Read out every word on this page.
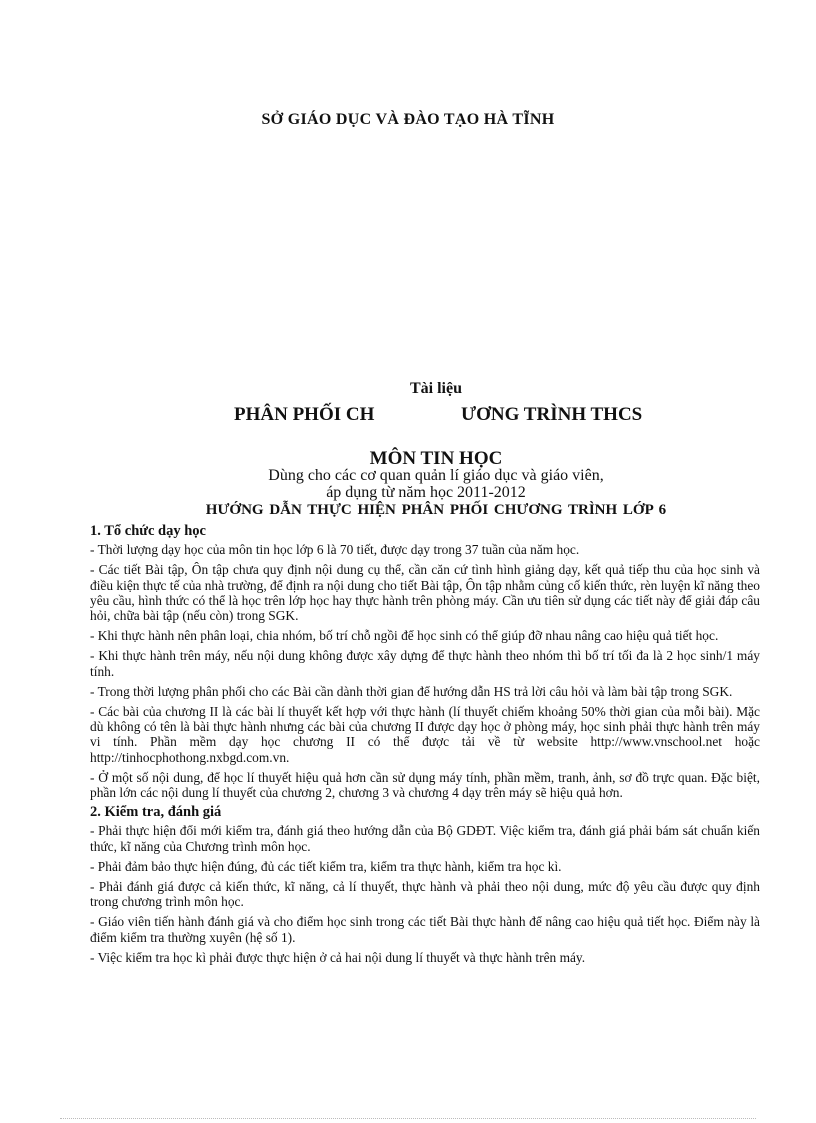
SỞ GIÁO DỤC VÀ ĐÀO TẠO HÀ TĨNH
Tài liệu
PHÂN PHỐI CH	ƯƠNG TRÌNH THCS
MÔN TIN HỌC
Dùng cho các cơ quan quản lí giáo dục và giáo viên,
áp dụng từ năm học 2011-2012
HƯỚNG DẪN THỰC HIỆN PHÂN PHỐI CHƯƠNG TRÌNH LỚP 6
1. Tổ chức dạy học

- Thời lượng dạy học của môn tin học lớp 6 là 70 tiết, được dạy trong 37 tuần của năm học.

- Các tiết Bài tập, Ôn tập chưa quy định nội dung cụ thể, cần căn cứ tình hình giảng dạy, kết quả tiếp thu của học sinh và điều kiện thực tế của nhà trường, để định ra nội dung cho tiết Bài tập, Ôn tập nhằm củng cố kiến thức, rèn luyện kĩ năng theo yêu cầu, hình thức có thể là học trên lớp học hay thực hành trên phòng máy. Cần ưu tiên sử dụng các tiết này để giải đáp câu hỏi, chữa bài tập (nếu còn) trong SGK.

- Khi thực hành nên phân loại, chia nhóm, bố trí chỗ ngồi để học sinh có thể giúp đỡ nhau nâng cao hiệu quả tiết học.

- Khi thực hành trên máy, nếu nội dung không được xây dựng để thực hành theo nhóm thì bố trí tối đa là 2 học sinh/1 máy tính.

- Trong thời lượng phân phối cho các Bài cần dành thời gian để hướng dẫn HS trả lời câu hỏi và làm bài tập trong SGK.

- Các bài của chương II là các bài lí thuyết kết hợp với thực hành (lí thuyết chiếm khoảng 50% thời gian của mỗi bài). Mặc dù không có tên là bài thực hành nhưng các bài của chương II được dạy học ở phòng máy, học sinh phải thực hành trên máy vi tính. Phần mềm dạy học chương II có thể được tải về từ website http://www.vnschool.net hoặc http://tinhocphothong.nxbgd.com.vn.

- Ở một số nội dung, để học lí thuyết hiệu quả hơn cần sử dụng máy tính, phần mềm, tranh, ảnh, sơ đồ trực quan. Đặc biệt, phần lớn các nội dung lí thuyết của chương 2, chương 3 và chương 4 dạy trên máy sẽ hiệu quả hơn.

2. Kiểm tra, đánh giá

- Phải thực hiện đổi mới kiểm tra, đánh giá theo hướng dẫn của Bộ GDĐT. Việc kiểm tra, đánh giá phải bám sát chuẩn kiến thức, kĩ năng của Chương trình môn học.

- Phải đảm bảo thực hiện đúng, đủ các tiết kiểm tra, kiểm tra thực hành, kiểm tra học kì.

- Phải đánh giá được cả kiến thức, kĩ năng, cả lí thuyết, thực hành và phải theo nội dung, mức độ yêu cầu được quy định trong chương trình môn học.

- Giáo viên tiến hành đánh giá và cho điểm học sinh trong các tiết Bài thực hành để nâng cao hiệu quả tiết học. Điểm này là điểm kiểm tra thường xuyên (hệ số 1).

- Việc kiểm tra học kì phải được thực hiện ở cả hai nội dung lí thuyết và thực hành trên máy.
